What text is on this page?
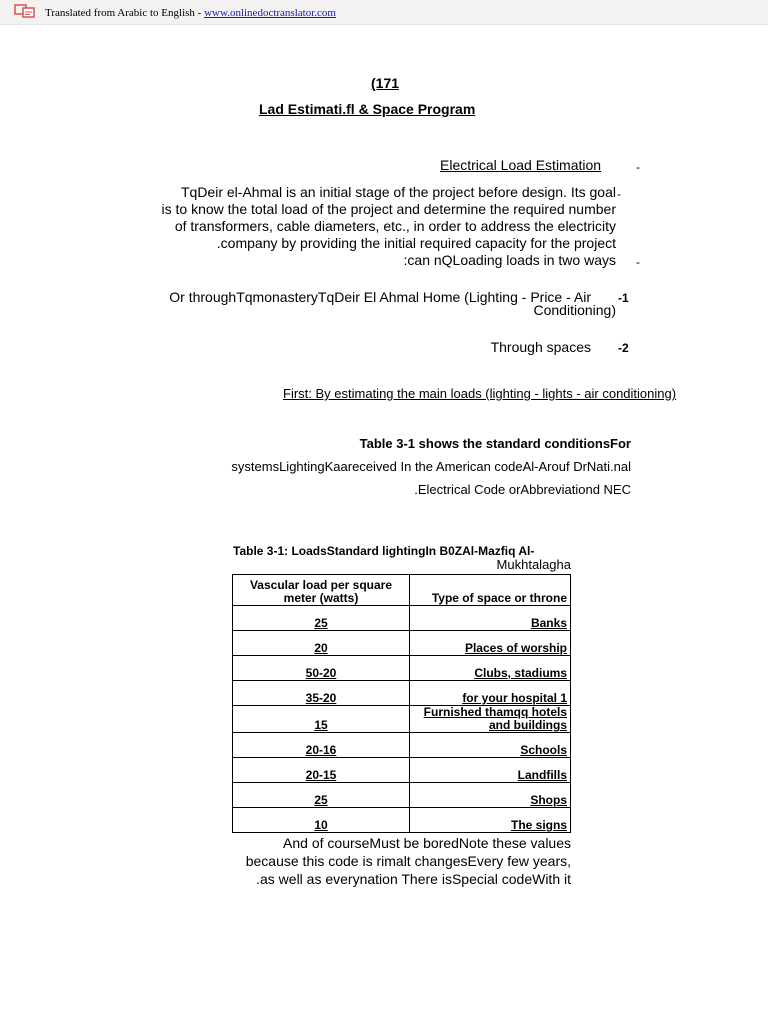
Translated from Arabic to English - www.onlinedoctranslator.com
(171
Lad Estimati.fl & Space Program
Electrical Load Estimation	-
TqDeir el-Ahmal is an initial stage of the project before design. Its goal
is to know the total load of the project and determine the required number
of transformers, cable diameters, etc., in order to address the electricity
.company by providing the initial required capacity for the project
:can nQLoading loads in two ways
-
-
Or throughTqmonasteryTqDeir El Ahmal Home (Lighting - Price - Air
Conditioning)
-1
Through spaces -2
First: By estimating the main loads (lighting - lights - air conditioning)
Table 3-1 shows the standard conditionsFor
systemsLightingKaareceived In the American codeAl-Arouf DrNati.nal
.Electrical Code orAbbreviationd NEC
Table 3-1: LoadsStandard lightingIn B0ZAl-Mazfiq Al-
Mukhtalagha
Vascular load per square meter (watts)	Type of space or throne
25	Banks
20	Places of worship
50-20	Clubs, stadiums
35-20	for your hospital 1
15	Furnished thamqq hotels and buildings
20-16	Schools
20-15	Landfills
25	Shops
10	The signs
And of courseMust be boredNote these values
because this code is rimalt changesEvery few years,
.as well as everynation There isSpecial codeWith it
